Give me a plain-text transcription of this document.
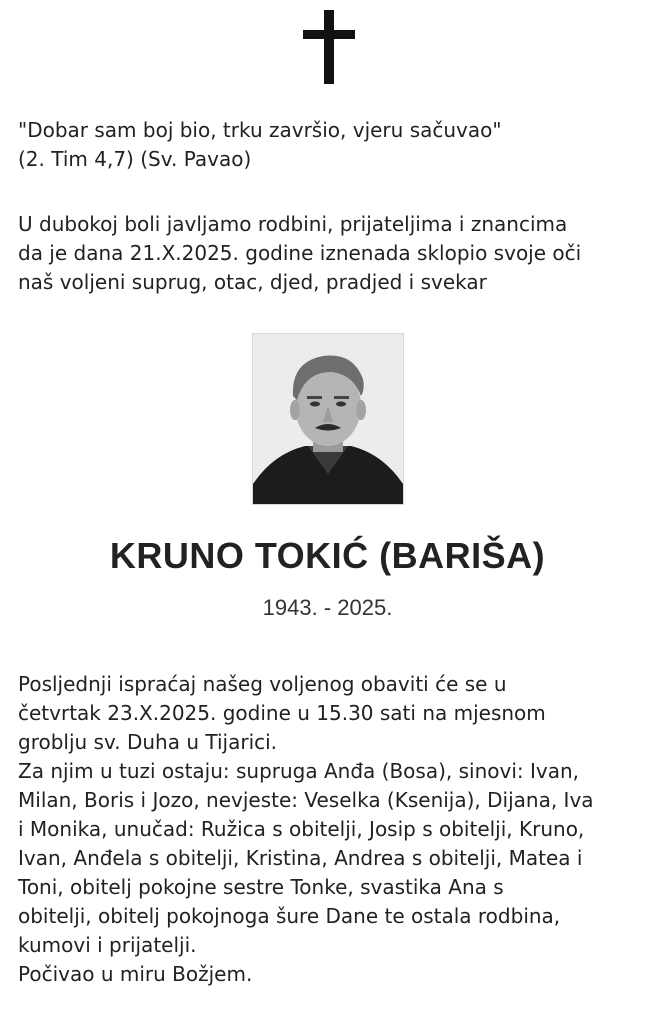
"Dobar sam boj bio, trku završio, vjeru sačuvao"
(2. Tim 4,7) (Sv. Pavao)

U dubokoj boli javljamo rodbini, prijateljima i znancima
da je dana 21.X.2025. godine iznenada sklopio svoje oči
naš voljeni suprug, otac, djed, pradjed i svekar

KRUNO TOKIĆ (BARIŠA)
1943. - 2025.

Posljednji ispraćaj našeg voljenog obaviti će se u
četvrtak 23.X.2025. godine u 15.30 sati na mjesnom
groblju sv. Duha u Tijarici.
Za njim u tuzi ostaju: supruga Anđa (Bosa), sinovi: Ivan,
Milan, Boris i Jozo, nevjeste: Veselka (Ksenija), Dijana, Iva
i Monika, unučad: Ružica s obitelji, Josip s obitelji, Kruno,
Ivan, Anđela s obitelji, Kristina, Andrea s obitelji, Matea i
Toni, obitelj pokojne sestre Tonke, svastika Ana s
obitelji, obitelj pokojnoga šure Dane te ostala rodbina,
kumovi i prijatelji.
Počivao u miru Božjem.
